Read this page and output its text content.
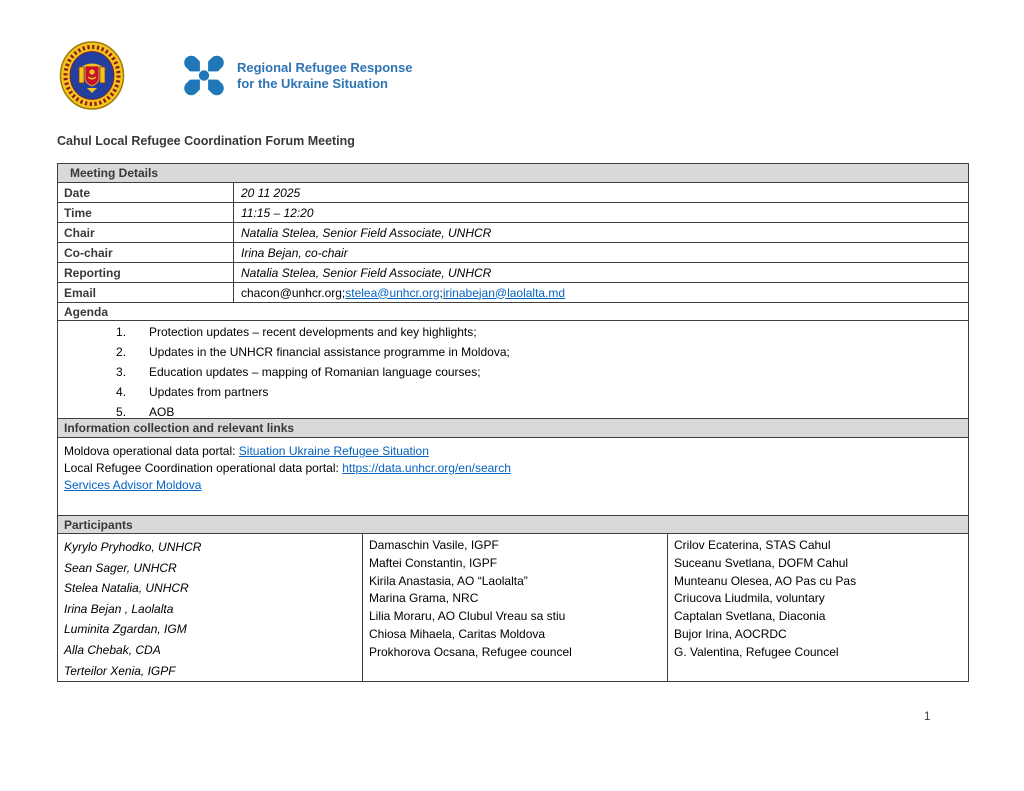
Regional Refugee Response
for the Ukraine Situation
Cahul Local Refugee Coordination Forum Meeting
Meeting Details
Date	20 11 2025
Time	11:15 – 12:20
Chair	Natalia Stelea, Senior Field Associate, UNHCR
Co-chair	Irina Bejan, co-chair
Reporting	Natalia Stelea, Senior Field Associate, UNHCR
Email	chacon@unhcr.org; stelea@unhcr.org ; irinabejan@laolalta.md
Agenda
Protection updates – recent developments and key highlights;
Updates in the UNHCR financial assistance programme in Moldova;
Education updates – mapping of Romanian language courses;
Updates from partners
AOB
Information collection and relevant links
Moldova operational data portal: Situation Ukraine Refugee Situation
Local Refugee Coordination operational data portal: https://data.unhcr.org/en/search
Services Advisor Moldova
Participants
Kyrylo Pryhodko, UNHCR
Sean Sager, UNHCR
Stelea Natalia, UNHCR
Irina Bejan , Laolalta
Luminita Zgardan, IGM
Alla Chebak, CDA
Terteilor Xenia, IGPF
Damaschin Vasile, IGPF
Maftei Constantin, IGPF
Kirila Anastasia, AO “Laolalta”
Marina Grama, NRC
Lilia Moraru, AO Clubul Vreau sa stiu
Chiosa Mihaela, Caritas Moldova
Prokhorova Ocsana, Refugee councel
Crilov Ecaterina, STAS Cahul
Suceanu Svetlana, DOFM Cahul
Munteanu Olesea, AO Pas cu Pas
Criucova Liudmila, voluntary
Captalan Svetlana, Diaconia
Bujor Irina, AOCRDC
G. Valentina, Refugee Councel
1
